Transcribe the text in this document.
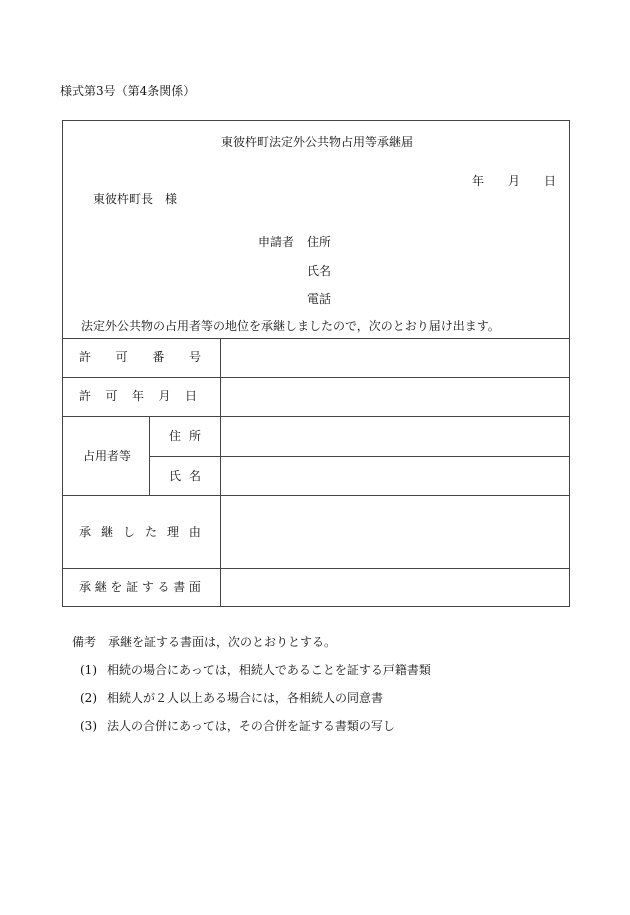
様式第3号（第4条関係）
東彼杵町法定外公共物占用等承継届
年 月 日
東彼杵町長　様
申請者 住所
氏名
電話
法定外公共物の占用者等の地位を承継しましたので，次のとおり届け出ます。
許 可 番 号
許 可 年 月 日
占用者等
住 所
氏 名
承 継 し た 理 由
承 継 を 証 す る 書 面
備考　承継を証する書面は，次のとおりとする。
(1) 相続の場合にあっては，相続人であることを証する戸籍書類
(2) 相続人が２人以上ある場合には，各相続人の同意書
(3) 法人の合併にあっては，その合併を証する書類の写し
